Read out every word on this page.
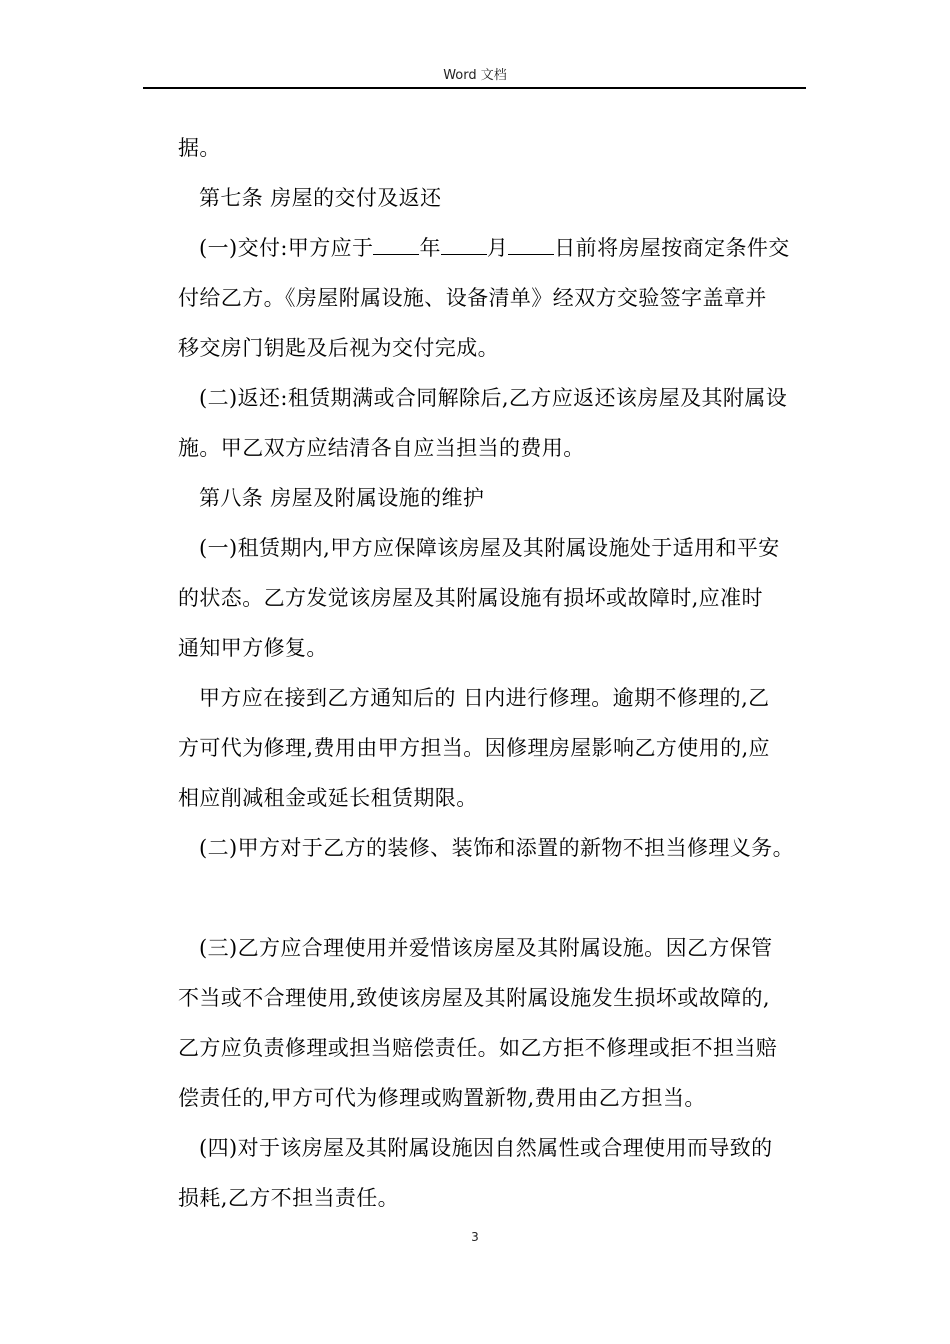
Word 文档
据。
第七条 房屋的交付及返还
(一)交付:甲方应于 年 月 日前将房屋按商定条件交
付给乙方。《房屋附属设施、设备清单》经双方交验签字盖章并
移交房门钥匙及后视为交付完成。
(二)返还:租赁期满或合同解除后,乙方应返还该房屋及其附属设
施。甲乙双方应结清各自应当担当的费用。
第八条 房屋及附属设施的维护
(一)租赁期内,甲方应保障该房屋及其附属设施处于适用和平安
的状态。乙方发觉该房屋及其附属设施有损坏或故障时,应准时
通知甲方修复。
甲方应在接到乙方通知后的 日内进行修理。逾期不修理的,乙
方可代为修理,费用由甲方担当。因修理房屋影响乙方使用的,应
相应削减租金或延长租赁期限。
(二)甲方对于乙方的装修、装饰和添置的新物不担当修理义务。
(三)乙方应合理使用并爱惜该房屋及其附属设施。因乙方保管
不当或不合理使用,致使该房屋及其附属设施发生损坏或故障的,
乙方应负责修理或担当赔偿责任。如乙方拒不修理或拒不担当赔
偿责任的,甲方可代为修理或购置新物,费用由乙方担当。
(四)对于该房屋及其附属设施因自然属性或合理使用而导致的
损耗,乙方不担当责任。
3
